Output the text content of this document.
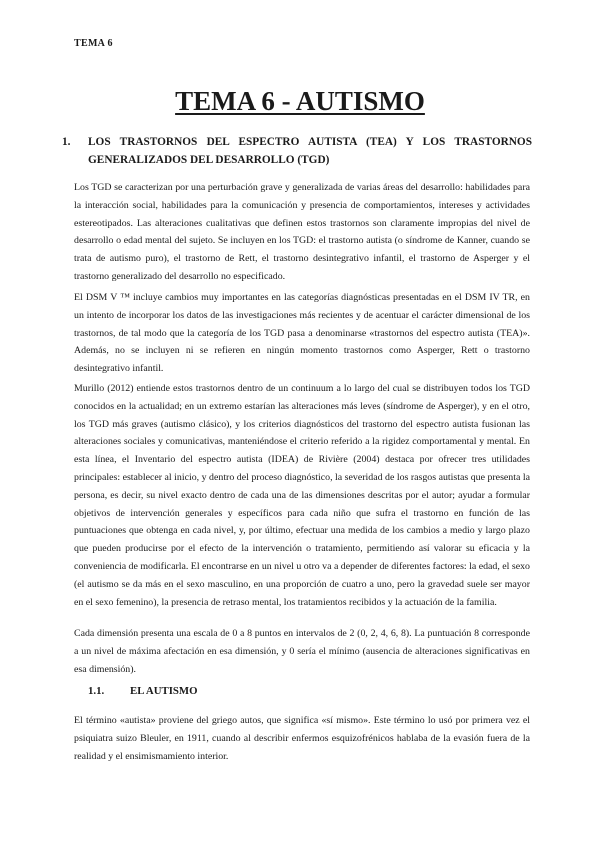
TEMA 6
TEMA 6 - AUTISMO
1.	LOS TRASTORNOS DEL ESPECTRO AUTISTA (TEA) Y LOS TRASTORNOS GENERALIZADOS DEL DESARROLLO (TGD)

Los TGD se caracterizan por una perturbación grave y generalizada de varias áreas del desarrollo: habilidades para la interacción social, habilidades para la comunicación y presencia de comportamientos, intereses y actividades estereotipados. Las alteraciones cualitativas que definen estos trastornos son claramente impropias del nivel de desarrollo o edad mental del sujeto. Se incluyen en los TGD: el trastorno autista (o síndrome de Kanner, cuando se trata de autismo puro), el trastorno de Rett, el trastorno desintegrativo infantil, el trastorno de Asperger y el trastorno generalizado del desarrollo no especificado.

El DSM V ™ incluye cambios muy importantes en las categorías diagnósticas presentadas en el DSM IV TR, en un intento de incorporar los datos de las investigaciones más recientes y de acentuar el carácter dimensional de los trastornos, de tal modo que la categoría de los TGD pasa a denominarse «trastornos del espectro autista (TEA)». Además, no se incluyen ni se refieren en ningún momento trastornos como Asperger, Rett o trastorno desintegrativo infantil.

Murillo (2012) entiende estos trastornos dentro de un continuum a lo largo del cual se distribuyen todos los TGD conocidos en la actualidad; en un extremo estarían las alteraciones más leves (síndrome de Asperger), y en el otro, los TGD más graves (autismo clásico), y los criterios diagnósticos del trastorno del espectro autista fusionan las alteraciones sociales y comunicativas, manteniéndose el criterio referido a la rigidez comportamental y mental. En esta línea, el Inventario del espectro autista (IDEA) de Rivière (2004) destaca por ofrecer tres utilidades principales: establecer al inicio, y dentro del proceso diagnóstico, la severidad de los rasgos autistas que presenta la persona, es decir, su nivel exacto dentro de cada una de las dimensiones descritas por el autor; ayudar a formular objetivos de intervención generales y específicos para cada niño que sufra el trastorno en función de las puntuaciones que obtenga en cada nivel, y, por último, efectuar una medida de los cambios a medio y largo plazo que pueden producirse por el efecto de la intervención o tratamiento, permitiendo así valorar su eficacia y la conveniencia de modificarla. El encontrarse en un nivel u otro va a depender de diferentes factores: la edad, el sexo (el autismo se da más en el sexo masculino, en una proporción de cuatro a uno, pero la gravedad suele ser mayor en el sexo femenino), la presencia de retraso mental, los tratamientos recibidos y la actuación de la familia.

Cada dimensión presenta una escala de 0 a 8 puntos en intervalos de 2 (0, 2, 4, 6, 8). La puntuación 8 corresponde a un nivel de máxima afectación en esa dimensión, y 0 sería el mínimo (ausencia de alteraciones significativas en esa dimensión).

1.1.	EL AUTISMO

El término «autista» proviene del griego autos, que significa «sí mismo». Este término lo usó por primera vez el psiquiatra suizo Bleuler, en 1911, cuando al describir enfermos esquizofrénicos hablaba de la evasión fuera de la realidad y el ensimismamiento interior.
